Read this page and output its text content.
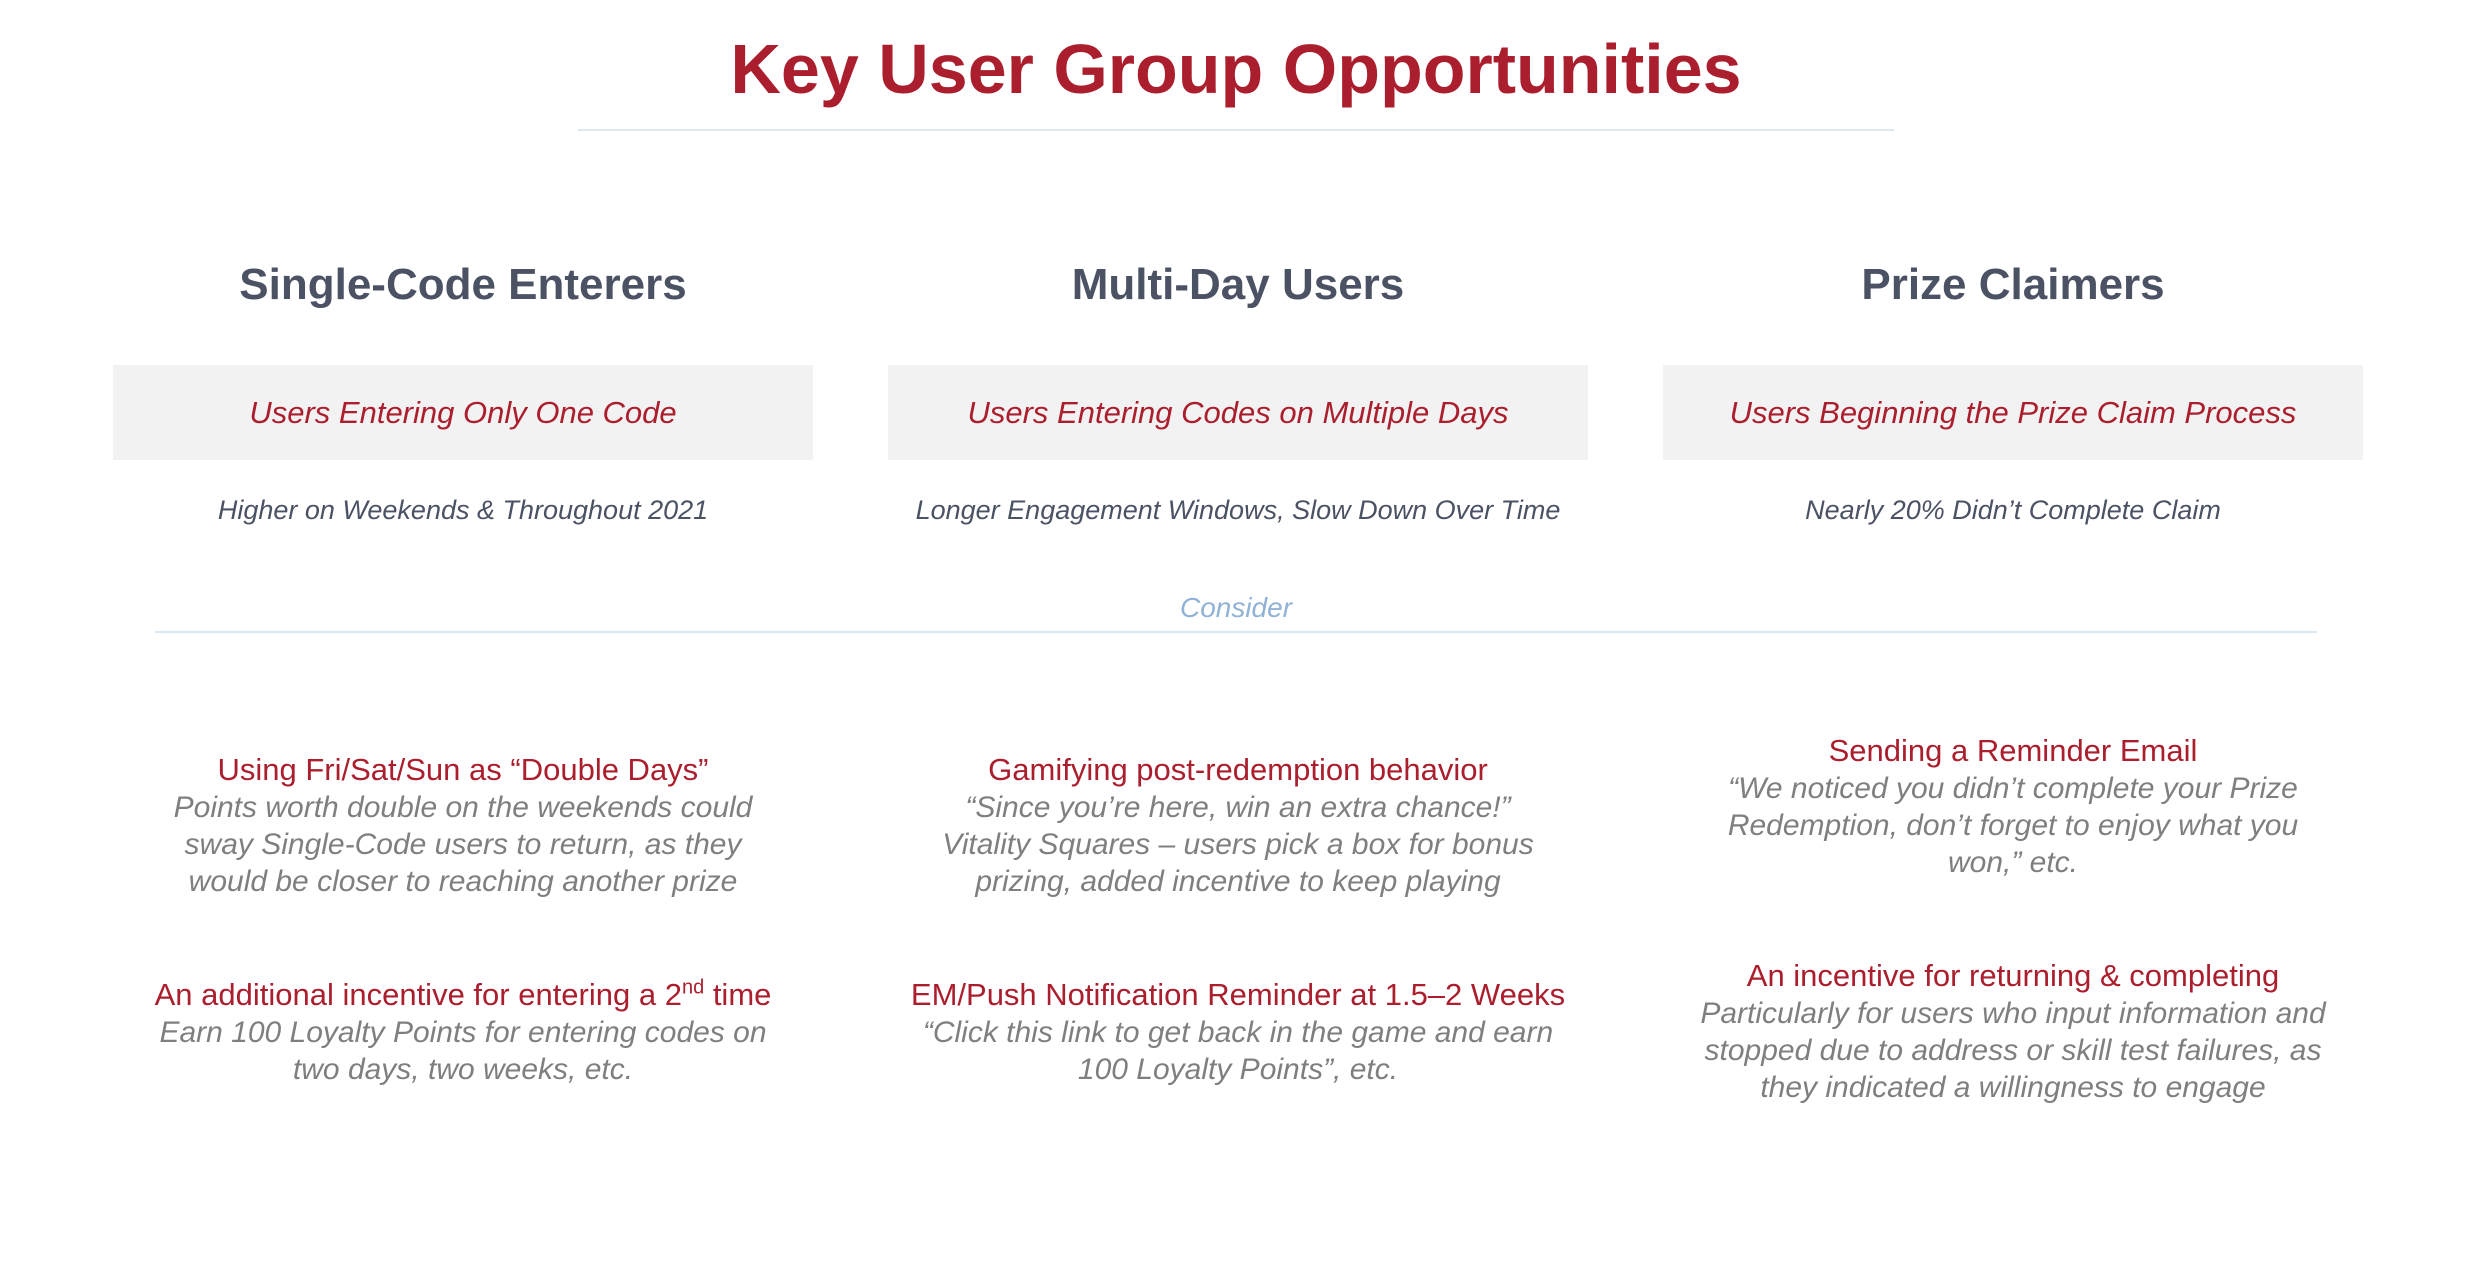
Key User Group Opportunities
Single-Code Enterers
Users Entering Only One Code
Higher on Weekends & Throughout 2021
Multi-Day Users
Users Entering Codes on Multiple Days
Longer Engagement Windows, Slow Down Over Time
Prize Claimers
Users Beginning the Prize Claim Process
Nearly 20% Didn’t Complete Claim
Consider
Using Fri/Sat/Sun as “Double Days”
Points worth double on the weekends could
sway Single-Code users to return, as they
would be closer to reaching another prize
An additional incentive for entering a 2nd time
Earn 100 Loyalty Points for entering codes on
two days, two weeks, etc.
Gamifying post-redemption behavior
“Since you’re here, win an extra chance!”
Vitality Squares – users pick a box for bonus
prizing, added incentive to keep playing
EM/Push Notification Reminder at 1.5–2 Weeks
“Click this link to get back in the game and earn
100 Loyalty Points”, etc.
Sending a Reminder Email
“We noticed you didn’t complete your Prize
Redemption, don’t forget to enjoy what you
won,” etc.
An incentive for returning & completing
Particularly for users who input information and
stopped due to address or skill test failures, as
they indicated a willingness to engage
